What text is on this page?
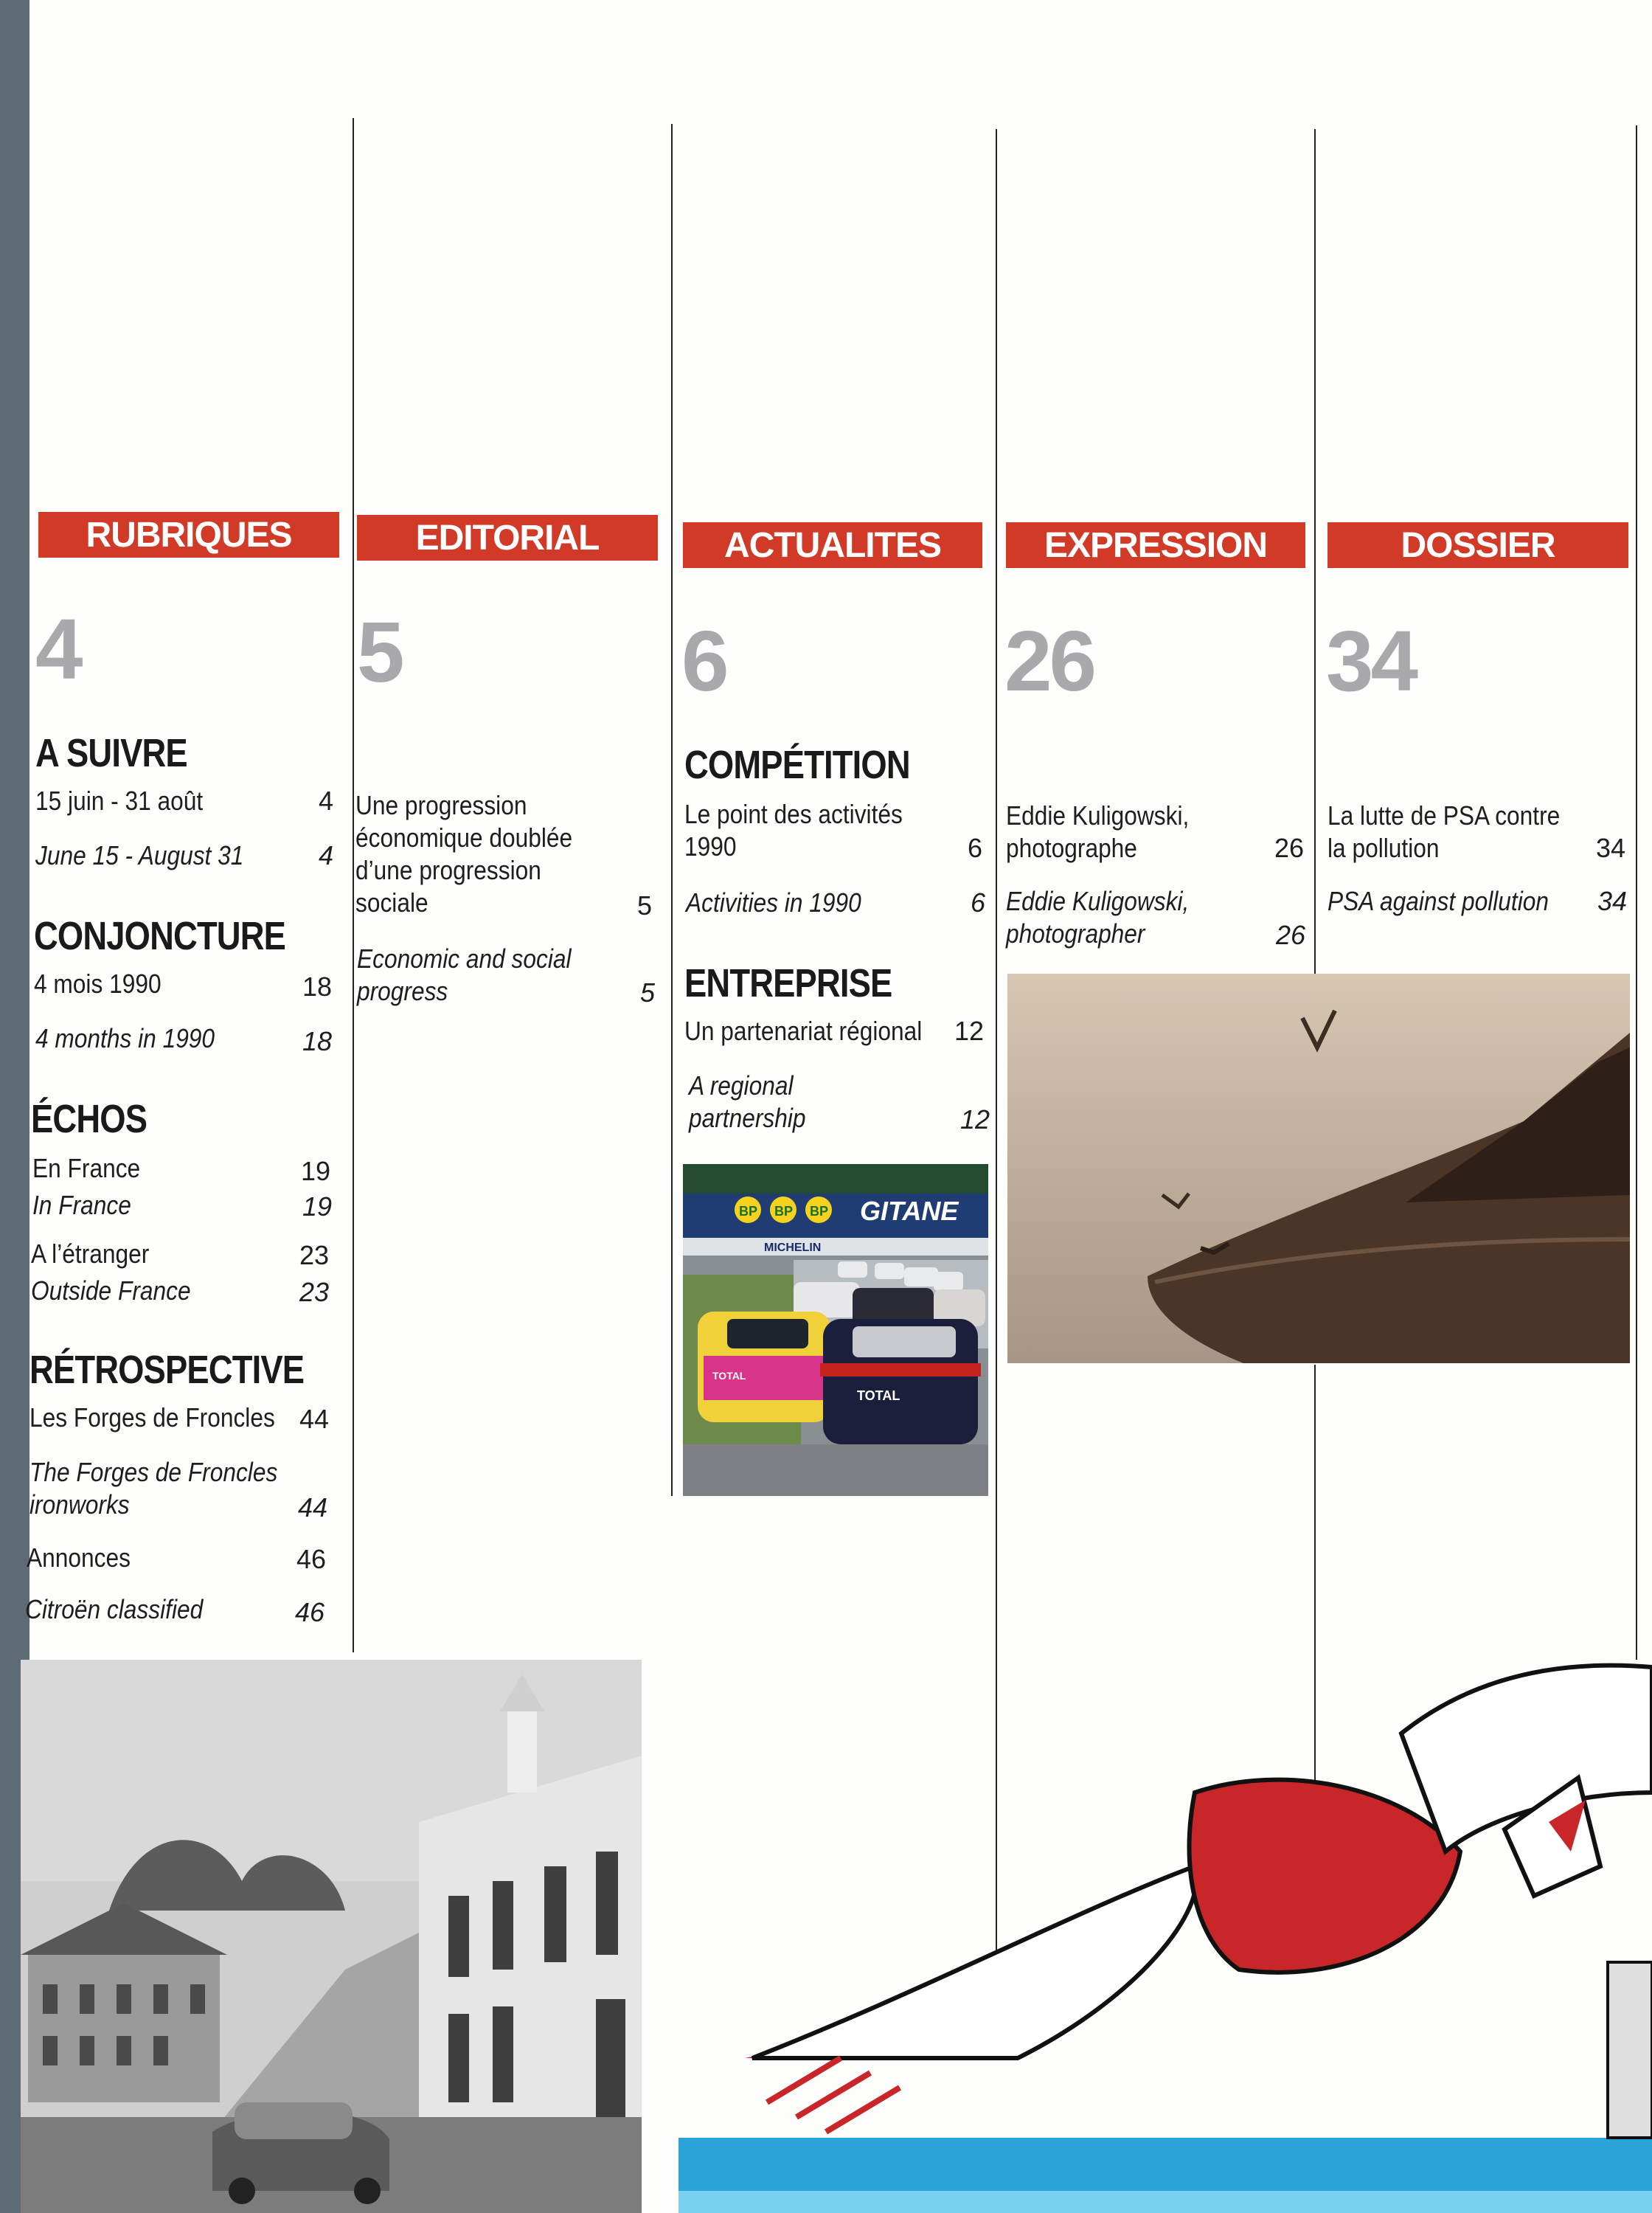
RUBRIQUES	EDITORIAL	ACTUALITES	EXPRESSION	DOSSIER
4	5	6	26	34
A SUIVRE
15 juin - 31 août	4
June 15 - August 31	4
CONJONCTURE
4 mois 1990	18
4 months in 1990	18
ÉCHOS
En France	19
In France	19
A l’étranger	23
Outside France	23
RÉTROSPECTIVE
Les Forges de Froncles 44
The Forges de Froncles
ironworks	44
Annonces	46
Citroën classified	46
Une progression
économique doublée
d’une progression
sociale	5
Economic and social
progress	5
COMPÉTITION
Le point des activités
1990	6
Activities in 1990	6
ENTREPRISE
Un partenariat régional 12
A regional
partnership	12
Eddie Kuligowski,
photographe	26
Eddie Kuligowski,
photographer	26
La lutte de PSA contre
la pollution	34
PSA against pollution 34
BP BP BP GITANE
MICHELIN
TOTAL
TOTAL
